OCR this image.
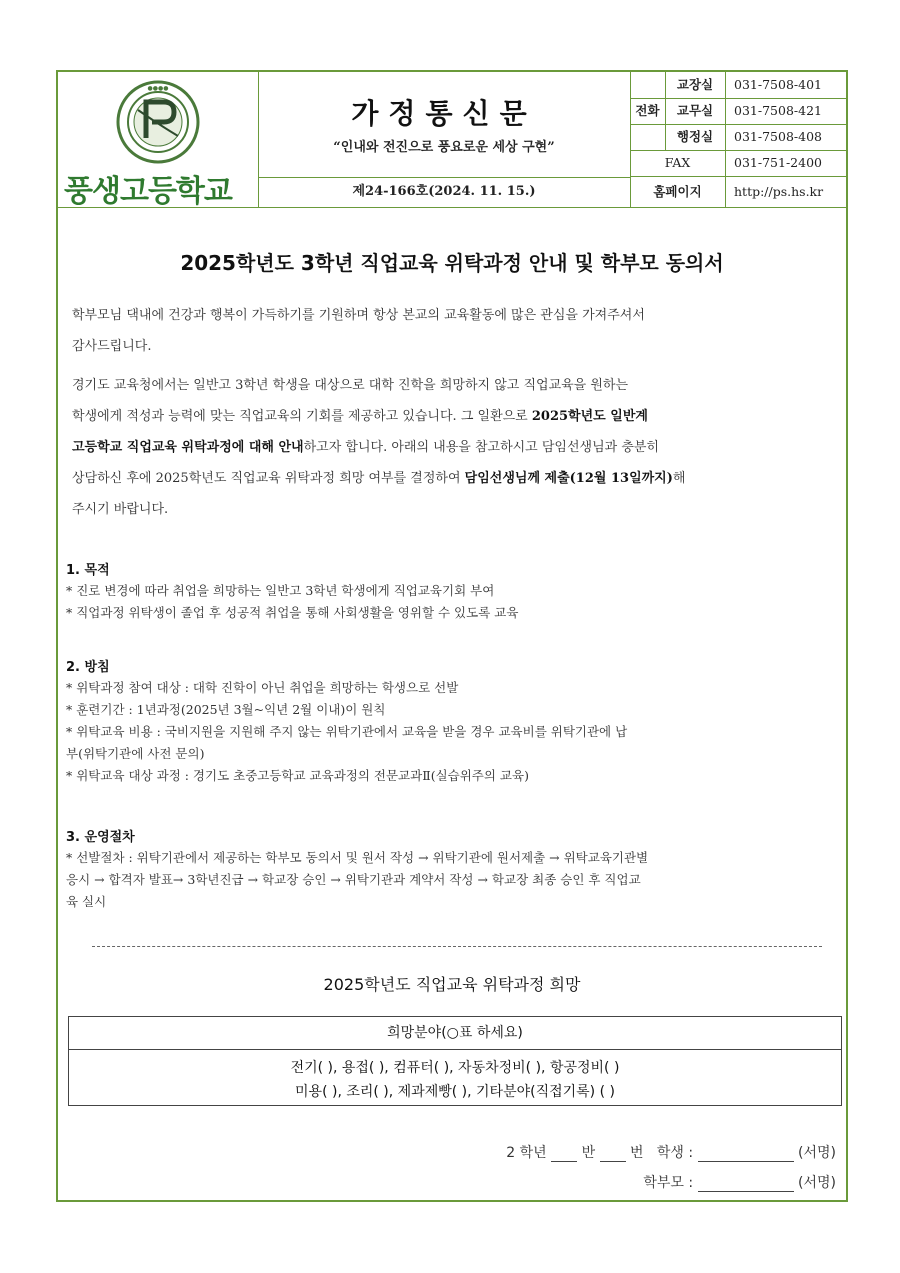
●●●●
풍생고등학교
가정통신문
“인내와 전진으로 풍요로운 세상 구현”
제24-166호(2024. 11. 15.)
전화
교장실	031-7508-401
교무실	031-7508-421
행정실	031-7508-408
FAX	031-751-2400
홈페이지	http://ps.hs.kr
2025학년도 3학년 직업교육 위탁과정 안내 및 학부모 동의서

학부모님 댁내에 건강과 행복이 가득하기를 기원하며 항상 본교의 교육활동에 많은 관심을 가져주셔서
감사드립니다.

경기도 교육청에서는 일반고 3학년 학생을 대상으로 대학 진학을 희망하지 않고 직업교육을 원하는
학생에게 적성과 능력에 맞는 직업교육의 기회를 제공하고 있습니다. 그 일환으로 2025학년도 일반계
고등학교 직업교육 위탁과정에 대해 안내하고자 합니다. 아래의 내용을 참고하시고 담임선생님과 충분히
상담하신 후에 2025학년도 직업교육 위탁과정 희망 여부를 결정하여 담임선생님께 제출(12월 13일까지)해
주시기 바랍니다.

1. 목적

* 진로 변경에 따라 취업을 희망하는 일반고 3학년 학생에게 직업교육기회 부여
* 직업과정 위탁생이 졸업 후 성공적 취업을 통해 사회생활을 영위할 수 있도록 교육

2. 방침

* 위탁과정 참여 대상 : 대학 진학이 아닌 취업을 희망하는 학생으로 선발
* 훈련기간 : 1년과정(2025년 3월~익년 2월 이내)이 원칙
* 위탁교육 비용 : 국비지원을 지원해 주지 않는 위탁기관에서 교육을 받을 경우 교육비를 위탁기관에 납
부(위탁기관에 사전 문의)
* 위탁교육 대상 과정 : 경기도 초중고등학교 교육과정의 전문교과Ⅱ(실습위주의 교육)

3. 운영절차

* 선발절차 : 위탁기관에서 제공하는 학부모 동의서 및 원서 작성 → 위탁기관에 원서제출 → 위탁교육기관별
응시 → 합격자 발표→ 3학년진급 → 학교장 승인 → 위탁기관과 계약서 작성 → 학교장 최종 승인 후 직업교
육 실시

2025학년도 직업교육 위탁과정 희망
희망분야(○표 하세요)
전기( ), 용접( ), 컴퓨터( ), 자동차정비( ), 항공정비( )
미용( ), 조리( ), 제과제빵( ), 기타분야(직접기록) ( )
2 학년 반 번 학생 :	(서명)
학부모 :	(서명)
